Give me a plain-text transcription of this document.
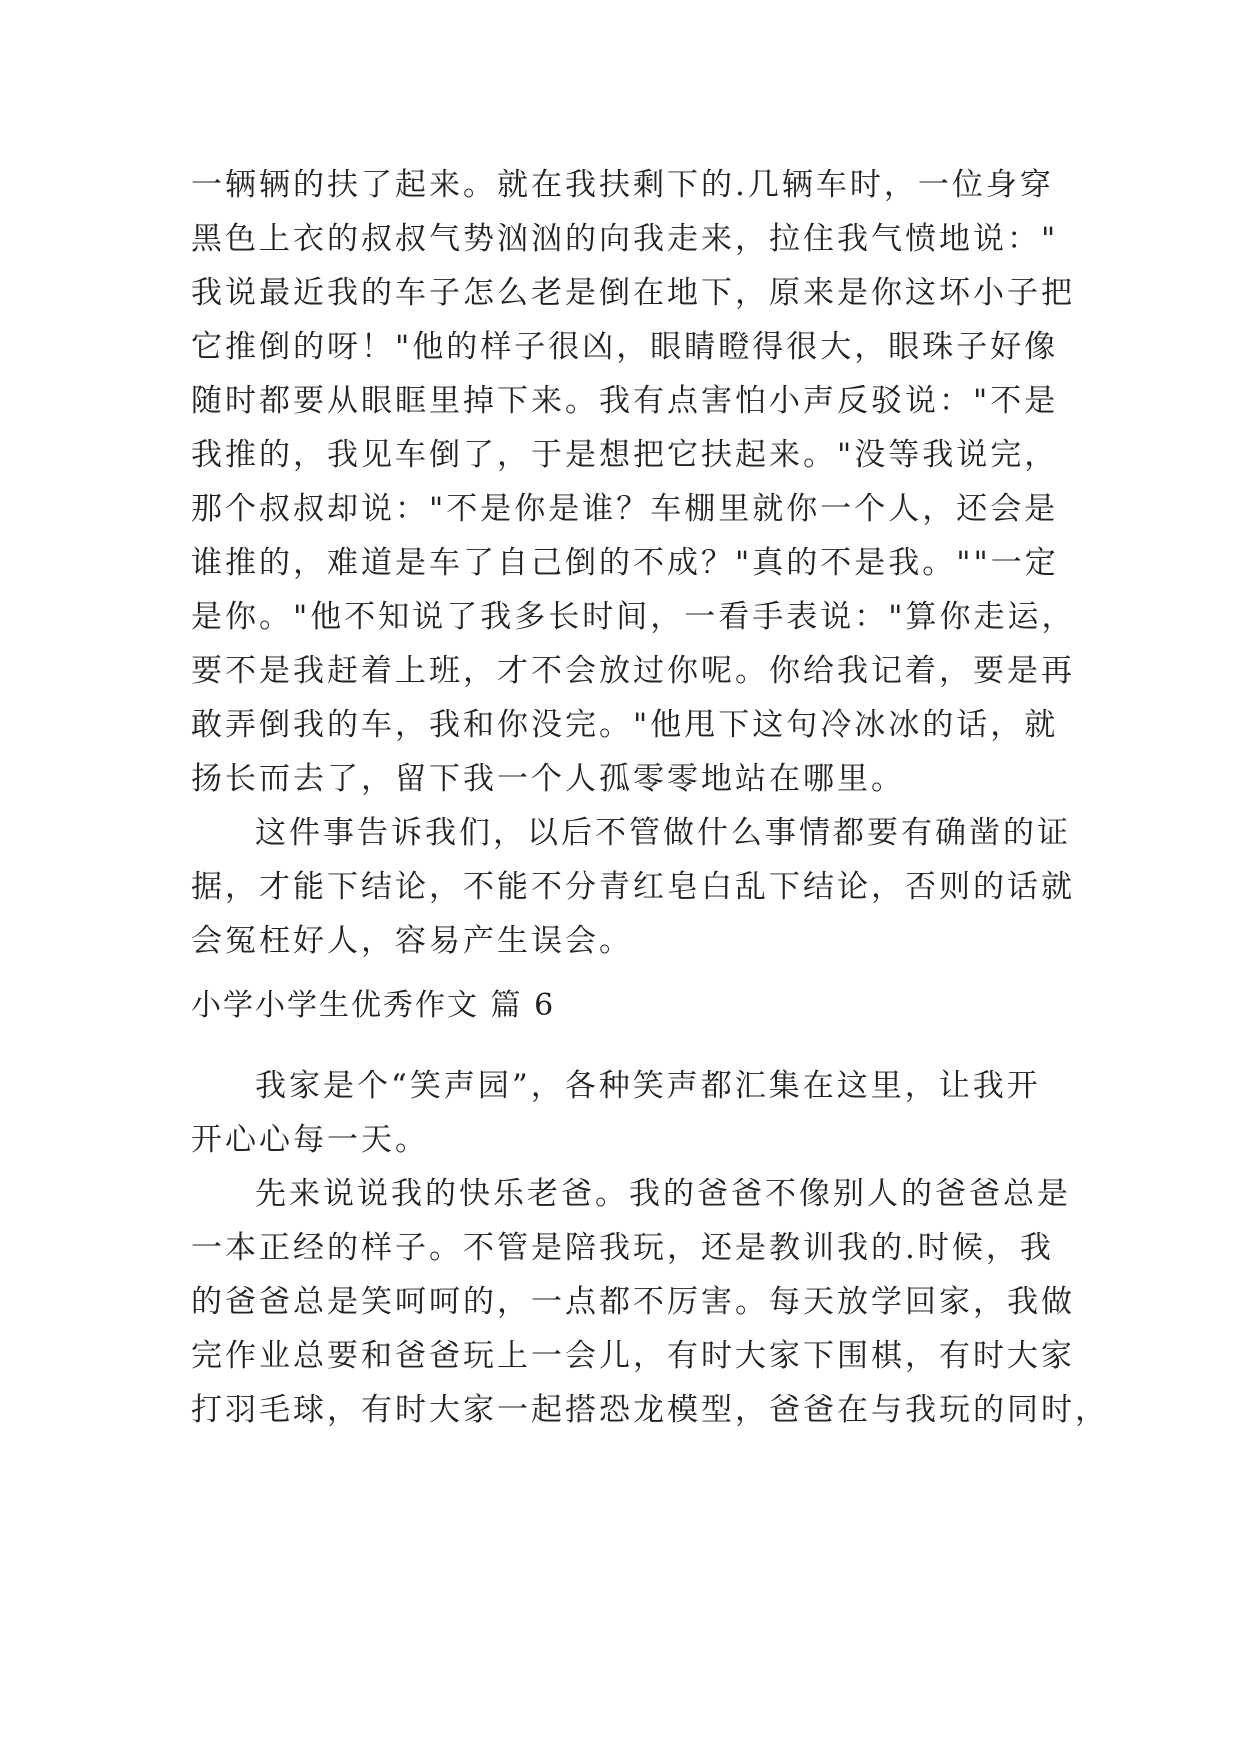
一辆辆的扶了起来。就在我扶剩下的.几辆车时，一位身穿
黑色上衣的叔叔气势汹汹的向我走来，拉住我气愤地说："
我说最近我的车子怎么老是倒在地下，原来是你这坏小子把
它推倒的呀！"他的样子很凶，眼睛瞪得很大，眼珠子好像
随时都要从眼眶里掉下来。我有点害怕小声反驳说："不是
我推的，我见车倒了，于是想把它扶起来。"没等我说完，
那个叔叔却说："不是你是谁？车棚里就你一个人，还会是
谁推的，难道是车了自己倒的不成？"真的不是我。""一定
是你。"他不知说了我多长时间，一看手表说："算你走运，
要不是我赶着上班，才不会放过你呢。你给我记着，要是再
敢弄倒我的车，我和你没完。"他甩下这句冷冰冰的话，就
扬长而去了，留下我一个人孤零零地站在哪里。
这件事告诉我们，以后不管做什么事情都要有确凿的证
据，才能下结论，不能不分青红皂白乱下结论，否则的话就
会冤枉好人，容易产生误会。
小学小学生优秀作文 篇 6
我家是个“笑声园”，各种笑声都汇集在这里，让我开
开心心每一天。
先来说说我的快乐老爸。我的爸爸不像别人的爸爸总是
一本正经的样子。不管是陪我玩，还是教训我的.时候，我
的爸爸总是笑呵呵的，一点都不厉害。每天放学回家，我做
完作业总要和爸爸玩上一会儿，有时大家下围棋，有时大家
打羽毛球，有时大家一起搭恐龙模型，爸爸在与我玩的同时，
